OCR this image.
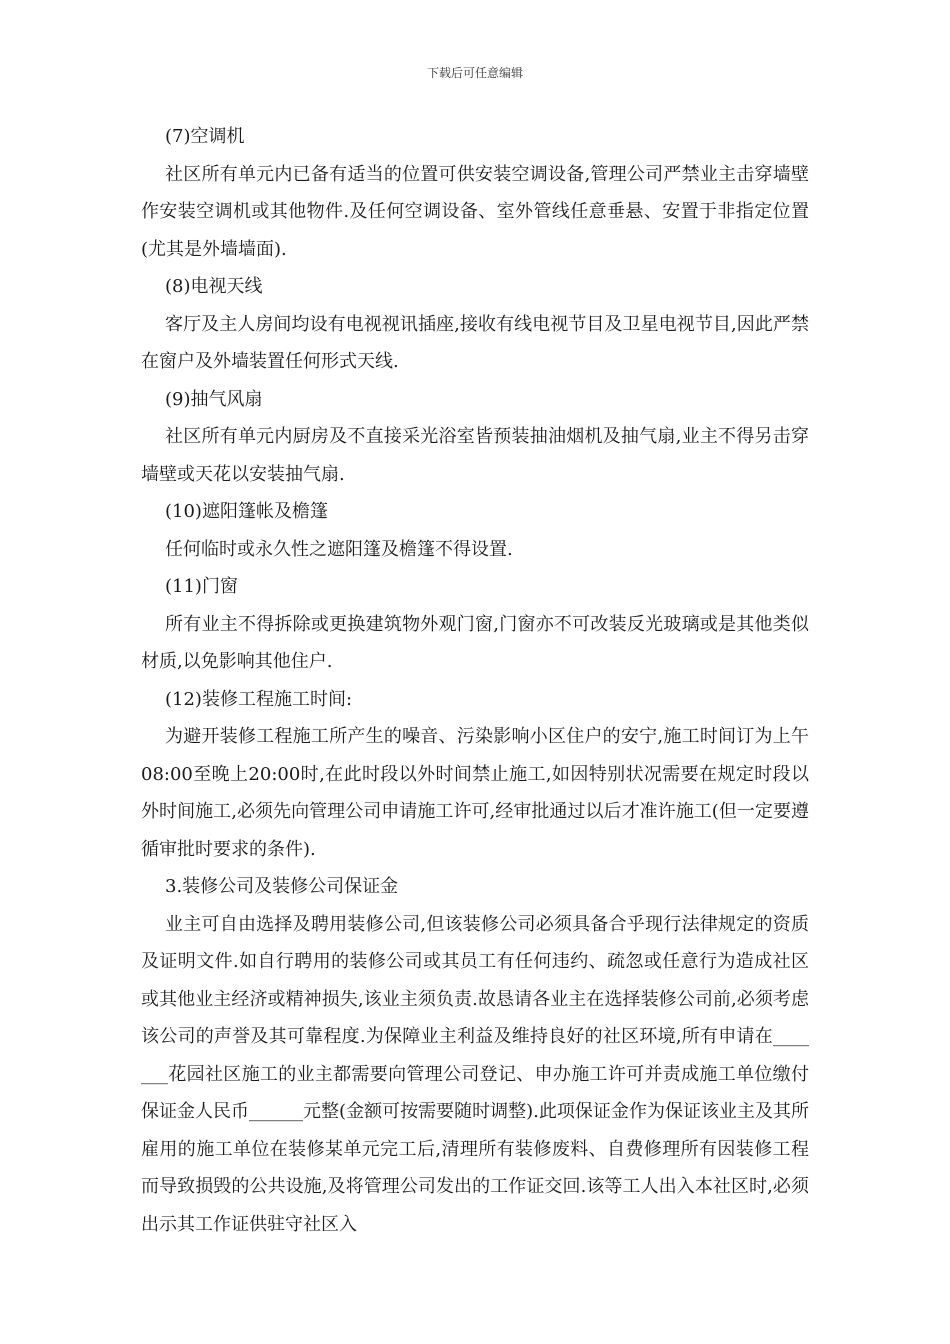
下载后可任意编辑

(7)空调机

社区所有单元内已备有适当的位置可供安装空调设备,管理公司严禁业主击穿墙壁作安装空调机或其他物件.及任何空调设备、室外管线任意垂悬、安置于非指定位置(尤其是外墙墙面).

(8)电视天线

客厅及主人房间均设有电视视讯插座,接收有线电视节目及卫星电视节目,因此严禁在窗户及外墙装置任何形式天线.

(9)抽气风扇

社区所有单元内厨房及不直接采光浴室皆预装抽油烟机及抽气扇,业主不得另击穿墙壁或天花以安装抽气扇.

(10)遮阳篷帐及檐篷

任何临时或永久性之遮阳篷及檐篷不得设置.

(11)门窗

所有业主不得拆除或更换建筑物外观门窗,门窗亦不可改装反光玻璃或是其他类似材质,以免影响其他住户.

(12)装修工程施工时间:

为避开装修工程施工所产生的噪音、污染影响小区住户的安宁,施工时间订为上午08:00至晚上20:00时,在此时段以外时间禁止施工,如因特别状况需要在规定时段以外时间施工,必须先向管理公司申请施工许可,经审批通过以后才准许施工(但一定要遵循审批时要求的条件).

3.装修公司及装修公司保证金

业主可自由选择及聘用装修公司,但该装修公司必须具备合乎现行法律规定的资质及证明文件.如自行聘用的装修公司或其员工有任何违约、疏忽或任意行为造成社区或其他业主经济或精神损失,该业主须负责.故恳请各业主在选择装修公司前,必须考虑该公司的声誉及其可靠程度.为保障业主利益及维持良好的社区环境,所有申请在_______花园社区施工的业主都需要向管理公司登记、申办施工许可并责成施工单位缴付保证金人民币______元整(金额可按需要随时调整).此项保证金作为保证该业主及其所雇用的施工单位在装修某单元完工后,清理所有装修废料、自费修理所有因装修工程而导致损毁的公共设施,及将管理公司发出的工作证交回.该等工人出入本社区时,必须出示其工作证供驻守社区入
